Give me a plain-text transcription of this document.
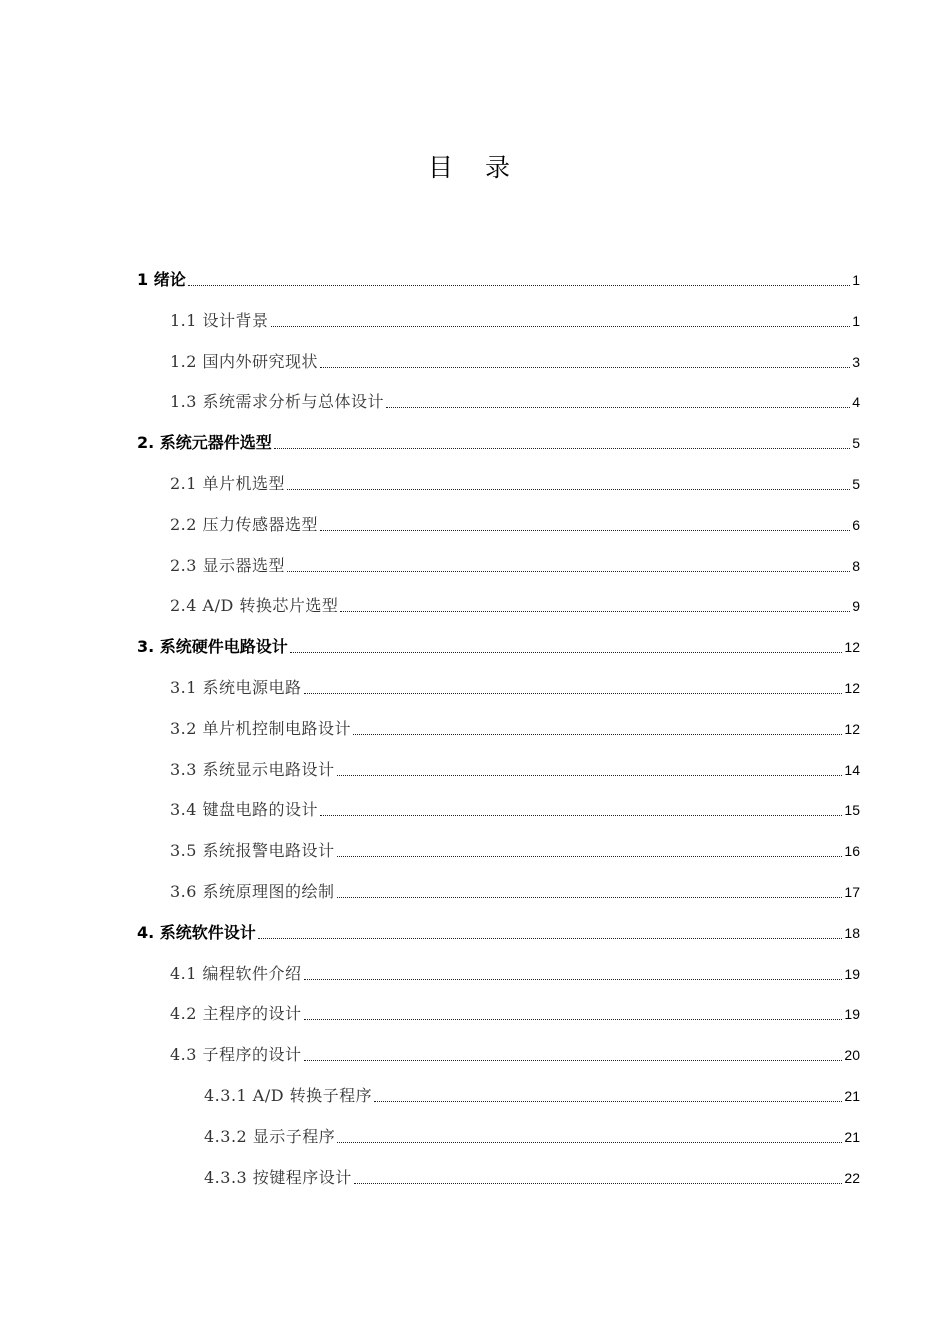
目 录
1 绪论	1
1.1 设计背景	1
1.2 国内外研究现状	3
1.3 系统需求分析与总体设计	4
2. 系统元器件选型	5
2.1 单片机选型	5
2.2 压力传感器选型	6
2.3 显示器选型	8
2.4 A/D 转换芯片选型	9
3. 系统硬件电路设计	12
3.1 系统电源电路	12
3.2 单片机控制电路设计	12
3.3 系统显示电路设计	14
3.4 键盘电路的设计	15
3.5 系统报警电路设计	16
3.6 系统原理图的绘制	17
4. 系统软件设计	18
4.1 编程软件介绍	19
4.2 主程序的设计	19
4.3 子程序的设计	20
4.3.1 A/D 转换子程序	21
4.3.2 显示子程序	21
4.3.3 按键程序设计	22
